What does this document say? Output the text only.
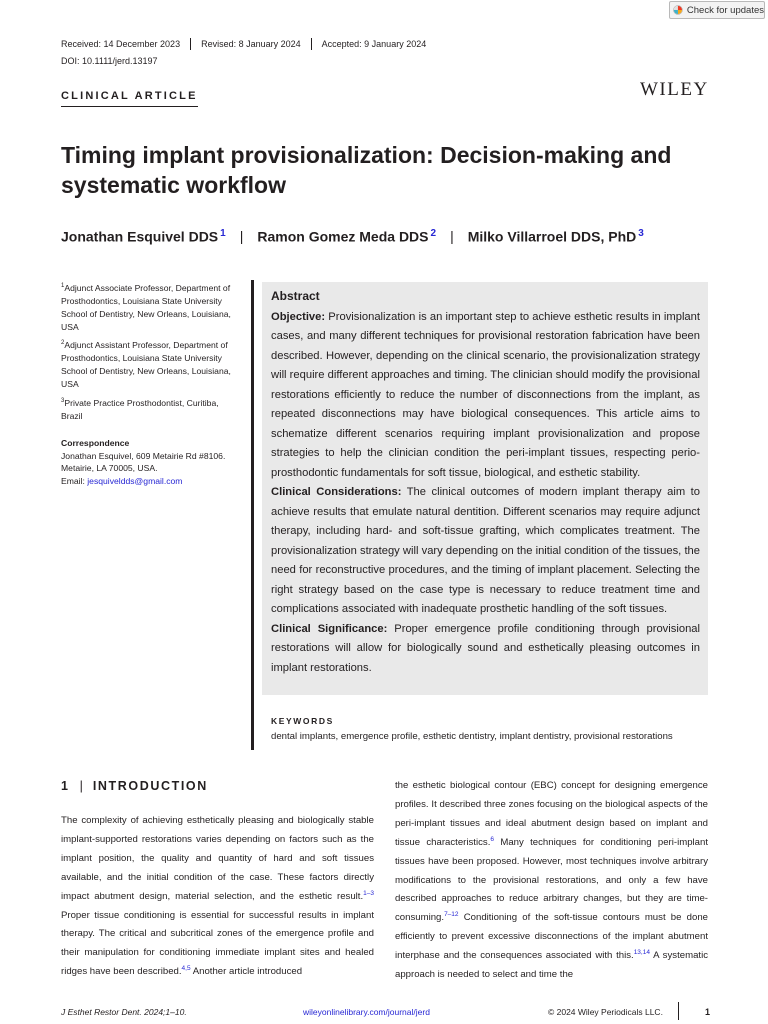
Check for updates
Received: 14 December 2023	Revised: 8 January 2024	Accepted: 9 January 2024
DOI: 10.1111/jerd.13197
CLINICAL ARTICLE	WILEY
Timing implant provisionalization: Decision-making and systematic workflow
Jonathan Esquivel DDS $^1$ | Ramon Gomez Meda DDS $^2$ | Milko Villarroel DDS, PhD $^3$

$^1$Adjunct Associate Professor, Department of Prosthodontics, Louisiana State University School of Dentistry, New Orleans, Louisiana, USA

$^2$Adjunct Assistant Professor, Department of Prosthodontics, Louisiana State University School of Dentistry, New Orleans, Louisiana, USA

$^3$Private Practice Prosthodontist, Curitiba, Brazil

Correspondence

Jonathan Esquivel, 609 Metairie Rd #8106.
Metairie, LA 70005, USA.
Email: jesquiveldds@gmail.com

Abstract

Objective: Provisionalization is an important step to achieve esthetic results in implant cases, and many different techniques for provisional restoration fabrication have been described. However, depending on the clinical scenario, the provisionalization strategy will require different approaches and timing. The clinician should modify the provisional restorations efficiently to reduce the number of disconnections from the implant, as repeated disconnections may have biological consequences. This article aims to schematize different scenarios requiring implant provisionalization and propose strategies to help the clinician condition the peri-implant tissues, respecting perio-prosthodontic fundamentals for soft tissue, biological, and esthetic stability.

Clinical Considerations: The clinical outcomes of modern implant therapy aim to achieve results that emulate natural dentition. Different scenarios may require adjunct therapy, including hard- and soft-tissue grafting, which complicates treatment. The provisionalization strategy will vary depending on the initial condition of the tissues, the need for reconstructive procedures, and the timing of implant placement. Selecting the right strategy based on the case type is necessary to reduce treatment time and complications associated with inadequate prosthetic handling of the soft tissues.

Clinical Significance: Proper emergence profile conditioning through provisional restorations will allow for biologically sound and esthetically pleasing outcomes in implant restorations.

KEYWORDS
dental implants, emergence profile, esthetic dentistry, implant dentistry, provisional restorations
1 | INTRODUCTION
The complexity of achieving esthetically pleasing and biologically stable implant-supported restorations varies depending on factors such as the implant position, the quality and quantity of hard and soft tissues available, and the initial condition of the case. These factors directly impact abutment design, material selection, and the esthetic result.$^{1-3}$ Proper tissue conditioning is essential for successful results in implant therapy. The critical and subcritical zones of the emergence profile and their manipulation for conditioning immediate implant sites and healed ridges have been described.$^{4,5}$ Another article introduced
the esthetic biological contour (EBC) concept for designing emergence profiles. It described three zones focusing on the biological aspects of the peri-implant tissues and ideal abutment design based on implant and tissue characteristics.$^6$ Many techniques for conditioning peri-implant tissues have been proposed. However, most techniques involve arbitrary modifications to the provisional restorations, and only a few have described approaches to reduce arbitrary changes, but they are time-consuming.$^{7-12}$ Conditioning of the soft-tissue contours must be done efficiently to prevent excessive disconnections of the implant abutment interphase and the consequences associated with this.$^{13,14}$ A systematic approach is needed to select and time the
J Esthet Restor Dent. 2024;1–10.	wileyonlinelibrary.com/journal/jerd	© 2024 Wiley Periodicals LLC.	1
